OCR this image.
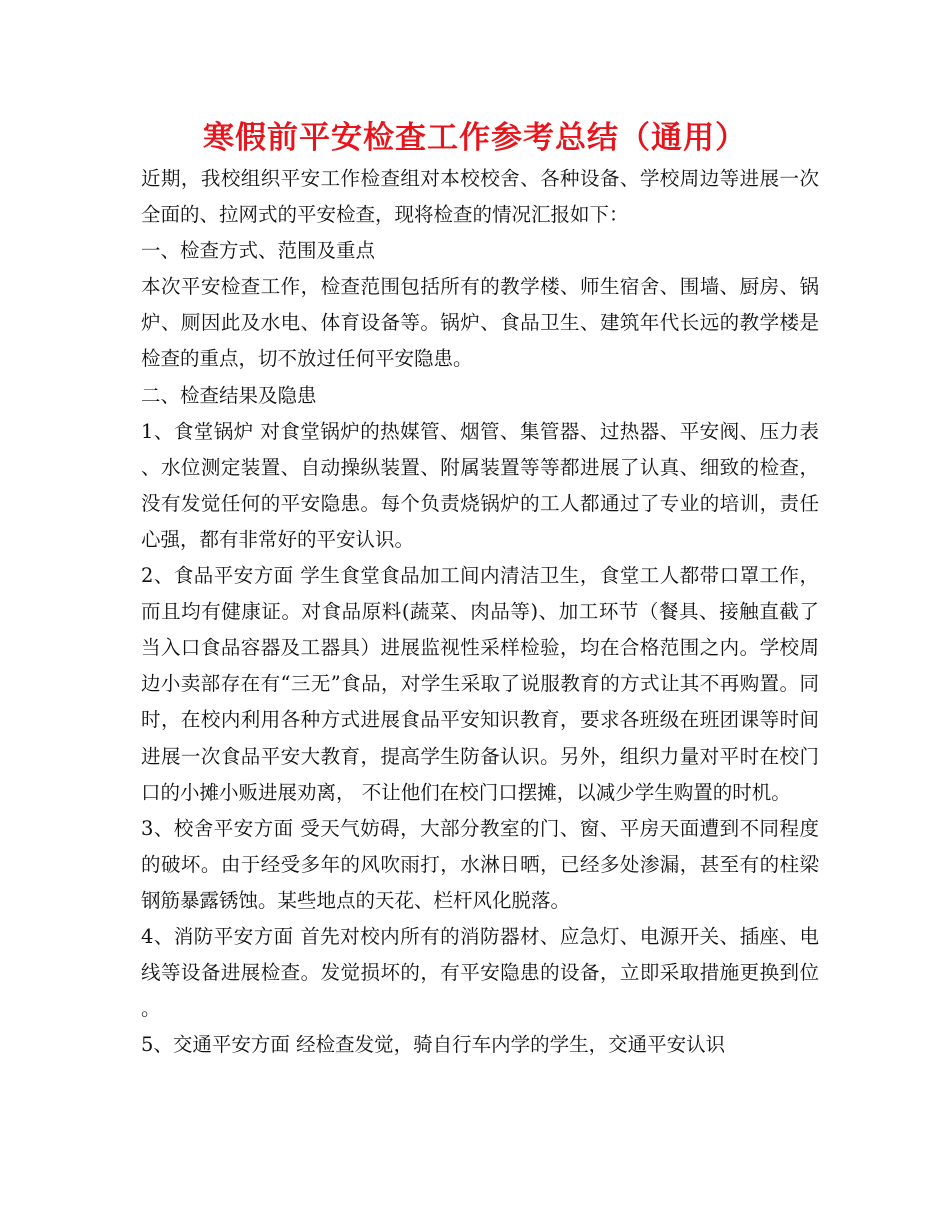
寒假前平安检查工作参考总结（通用）

近期，我校组织平安工作检查组对本校校舍、各种设备、学校周边等进展一次全面的、拉网式的平安检查，现将检查的情况汇报如下：

一、检查方式、范围及重点

本次平安检查工作，检查范围包括所有的教学楼、师生宿舍、围墙、厨房、锅炉、厕因此及水电、体育设备等。锅炉、食品卫生、建筑年代长远的教学楼是检查的重点，切不放过任何平安隐患。

二、检查结果及隐患

1、食堂锅炉 对食堂锅炉的热媒管、烟管、集管器、过热器、平安阀、压力表、水位测定装置、自动操纵装置、附属装置等等都进展了认真、细致的检查，没有发觉任何的平安隐患。每个负责烧锅炉的工人都通过了专业的培训，责任心强，都有非常好的平安认识。

2、食品平安方面 学生食堂食品加工间内清洁卫生，食堂工人都带口罩工作，而且均有健康证。对食品原料(蔬菜、肉品等)、加工环节（餐具、接触直截了当入口食品容器及工器具）进展监视性采样检验，均在合格范围之内。学校周边小卖部存在有“三无”食品，对学生采取了说服教育的方式让其不再购置。同时，在校内利用各种方式进展食品平安知识教育，要求各班级在班团课等时间进展一次食品平安大教育，提高学生防备认识。另外，组织力量对平时在校门口的小摊小贩进展劝离， 不让他们在校门口摆摊，以减少学生购置的时机。

3、校舍平安方面 受天气妨碍，大部分教室的门、窗、平房天面遭到不同程度的破坏。由于经受多年的风吹雨打，水淋日晒，已经多处渗漏，甚至有的柱梁钢筋暴露锈蚀。某些地点的天花、栏杆风化脱落。

4、消防平安方面 首先对校内所有的消防器材、应急灯、电源开关、插座、电线等设备进展检查。发觉损坏的，有平安隐患的设备，立即采取措施更换到位。

5、交通平安方面 经检查发觉，骑自行车内学的学生，交通平安认识
